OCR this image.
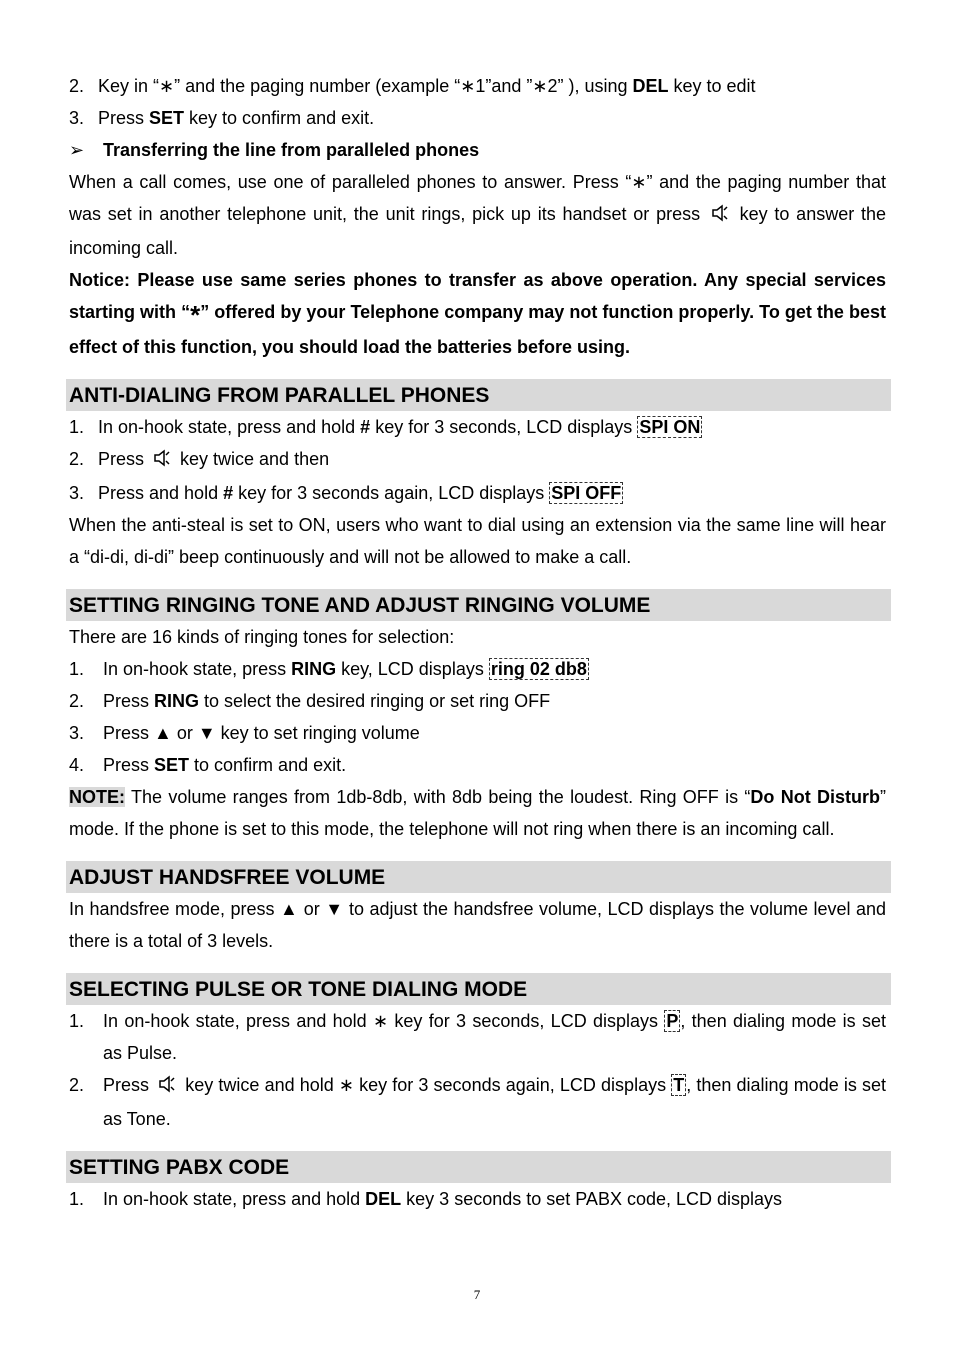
2. Key in “∗” and the paging number (example “∗1”and ”∗2” ), using DEL key to edit
3. Press SET key to confirm and exit.
➢	Transferring the line from paralleled phones

When a call comes, use one of paralleled phones to answer. Press “∗” and the paging number that was set in another telephone unit, the unit rings, pick up its handset or press  key to answer the incoming call.

Notice: Please use same series phones to transfer as above operation. Any special services starting with “*” offered by your Telephone company may not function properly. To get the best effect of this function, you should load the batteries before using.

ANTI-DIALING FROM PARALLEL PHONES
1. In on-hook state, press and hold # key for 3 seconds, LCD displays SPI ON
2. Press  key twice and then
3. Press and hold # key for 3 seconds again, LCD displays SPI OFF

When the anti-steal is set to ON, users who want to dial using an extension via the same line will hear a “di-di, di-di” beep continuously and will not be allowed to make a call.

SETTING RINGING TONE AND ADJUST RINGING VOLUME

There are 16 kinds of ringing tones for selection:

1.	In on-hook state, press RING key, LCD displays ring 02 db8
2.	Press RING to select the desired ringing or set ring OFF
3.	Press ▲ or ▼ key to set ringing volume
4.	Press SET to confirm and exit.

NOTE: The volume ranges from 1db-8db, with 8db being the loudest. Ring OFF is “Do Not Disturb” mode. If the phone is set to this mode, the telephone will not ring when there is an incoming call.

ADJUST HANDSFREE VOLUME

In handsfree mode, press ▲ or ▼ to adjust the handsfree volume, LCD displays the volume level and there is a total of 3 levels.

SELECTING PULSE OR TONE DIALING MODE
1.	In on-hook state, press and hold ∗ key for 3 seconds, LCD displays P , then dialing mode is set as Pulse.
2.	Press  key twice and hold ∗ key for 3 seconds again, LCD displays T , then dialing mode is set as Tone.
SETTING PABX CODE
1.	In on-hook state, press and hold DEL key 3 seconds to set PABX code, LCD displays
7
